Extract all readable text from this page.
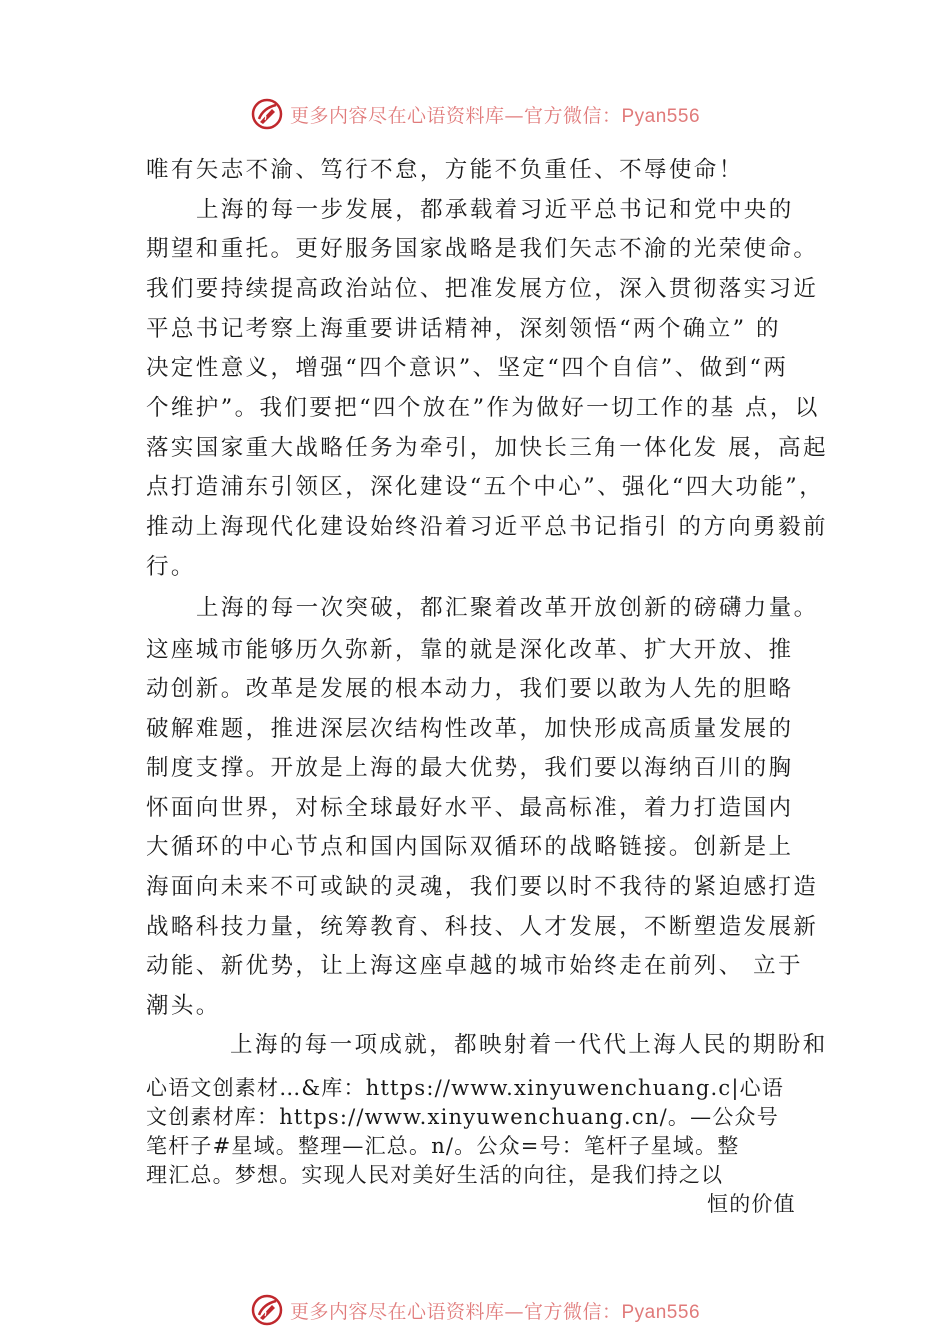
更多内容尽在心语资料库—官方微信：Pyan556
唯有矢志不渝、笃行不怠，方能不负重任、不辱使命！
上海的每一步发展，都承载着习近平总书记和党中央的
期望和重托。更好服务国家战略是我们矢志不渝的光荣使命。
我们要持续提高政治站位、把准发展方位，深入贯彻落实习近
平总书记考察上海重要讲话精神，深刻领悟“两个确立” 的
决定性意义，增强“四个意识”、坚定“四个自信”、做到“两
个维护”。我们要把“四个放在”作为做好一切工作的基 点，以
落实国家重大战略任务为牵引，加快长三角一体化发 展，高起
点打造浦东引领区，深化建设“五个中心”、强化“四大功能”，
推动上海现代化建设始终沿着习近平总书记指引 的方向勇毅前
行。
上海的每一次突破，都汇聚着改革开放创新的磅礴力量。
这座城市能够历久弥新，靠的就是深化改革、扩大开放、推
动创新。改革是发展的根本动力，我们要以敢为人先的胆略
破解难题，推进深层次结构性改革，加快形成高质量发展的
制度支撑。开放是上海的最大优势，我们要以海纳百川的胸
怀面向世界，对标全球最好水平、最高标准，着力打造国内
大循环的中心节点和国内国际双循环的战略链接。创新是上
海面向未来不可或缺的灵魂，我们要以时不我待的紧迫感打造
战略科技力量，统筹教育、科技、人才发展，不断塑造发展新
动能、新优势，让上海这座卓越的城市始终走在前列、 立于
潮头。
上海的每一项成就，都映射着一代代上海人民的期盼和
心语文创素材…&库：https://www.xinyuwenchuang.c|心语
文创素材库：https://www.xinyuwenchuang.cn/。—公众号
笔杆子#星域。整理—汇总。n/。公众=号：笔杆子星域。整
理汇总。梦想。实现人民对美好生活的向往，是我们持之以
恒的价值
更多内容尽在心语资料库—官方微信：Pyan556
